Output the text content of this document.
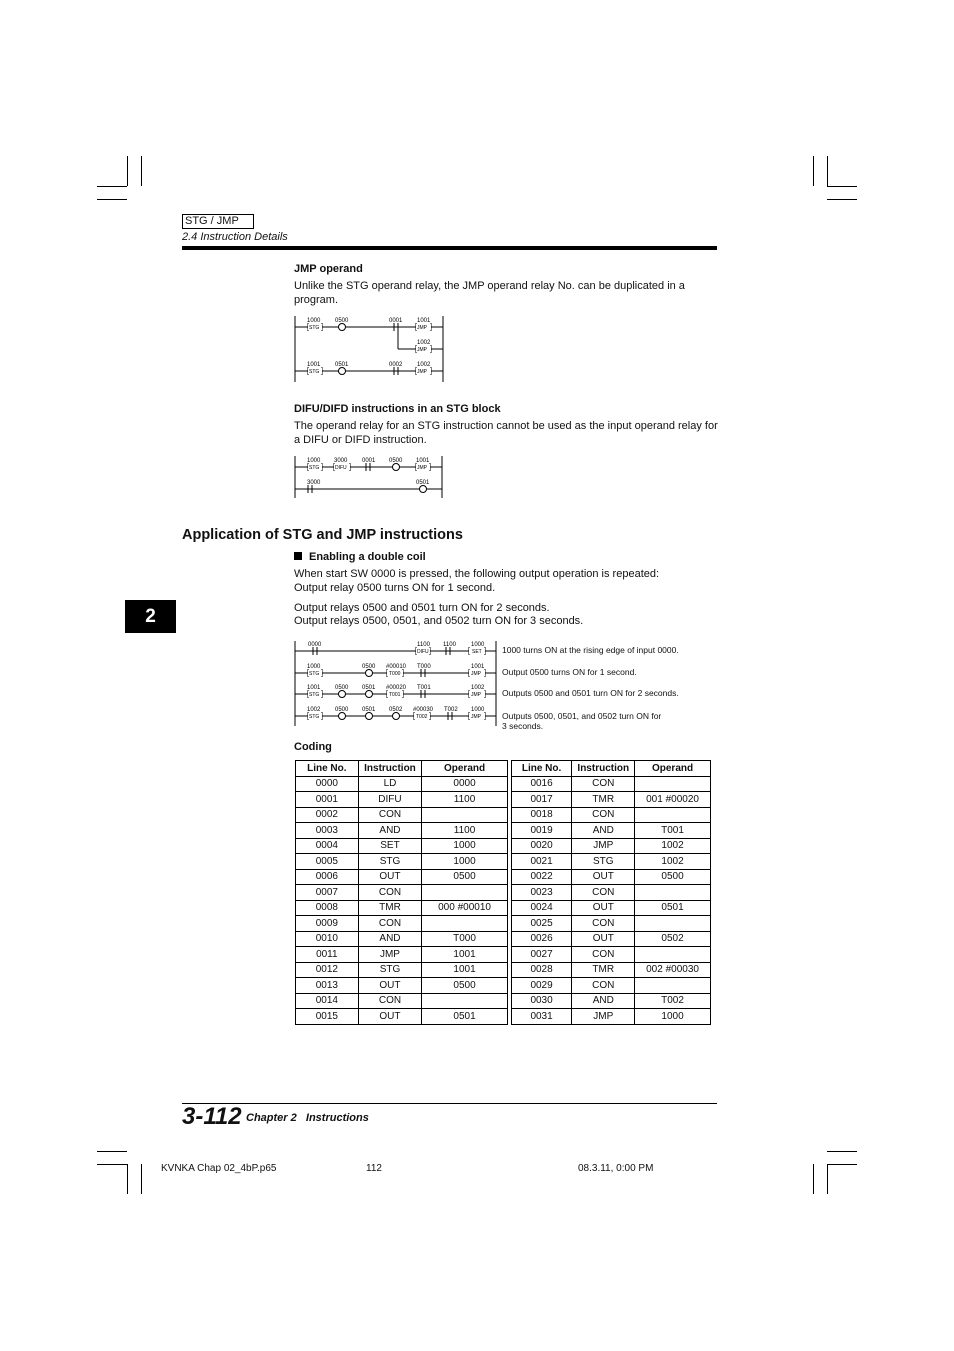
STG / JMP
2.4 Instruction Details
JMP operand
Unlike the STG operand relay, the JMP operand relay No. can be duplicated in a program.
1000
STG
0500	0001 1001
JMP
1002
JMP
1001
STG
0501	0002 1002
JMP
DIFU/DIFD instructions in an STG block
The operand relay for an STG instruction cannot be used as the input operand relay for a DIFU or DIFD instruction.
1000
STG
3000
DIFU
0001 0500 1001
JMP
3000	0501
Application of STG and JMP instructions
2
Enabling a double coil
When start SW 0000 is pressed, the following output operation is repeated:
Output relay 0500 turns ON for 1 second.
Output relays 0500 and 0501 turn ON for 2 seconds.
Output relays 0500, 0501, and 0502 turn ON for 3 seconds.
0000	1100
DIFU
1100	1000
SET
1000
STG
0500 #00010
T000
T000	1001
JMP
1001
STG
0500 0501 #00020
T001
T001	1002
JMP
1002
STG
0500 0501 0502 #00030
T002
T002 1000
JMP
1000 turns ON at the rising edge of input 0000.
Output 0500 turns ON for 1 second.
Outputs 0500 and 0501 turn ON for 2 seconds.
Outputs 0500, 0501, and 0502 turn ON for
3 seconds.
Coding
Line No.	Instruction	Operand		Line No.	Instruction	Operand
0000	LD	0000		0016	CON	
0001	DIFU	1100		0017	TMR	001 #00020
0002	CON			0018	CON	
0003	AND	1100		0019	AND	T001
0004	SET	1000		0020	JMP	1002
0005	STG	1000		0021	STG	1002
0006	OUT	0500		0022	OUT	0500
0007	CON			0023	CON	
0008	TMR	000 #00010		0024	OUT	0501
0009	CON			0025	CON	
0010	AND	T000		0026	OUT	0502
0011	JMP	1001		0027	CON	
0012	STG	1001		0028	TMR	002 #00030
0013	OUT	0500		0029	CON	
0014	CON			0030	AND	T002
0015	OUT	0501		0031	JMP	1000
3-112 Chapter 2   Instructions
KVNKA Chap 02_4bP.p65	112	08.3.11, 0:00 PM
